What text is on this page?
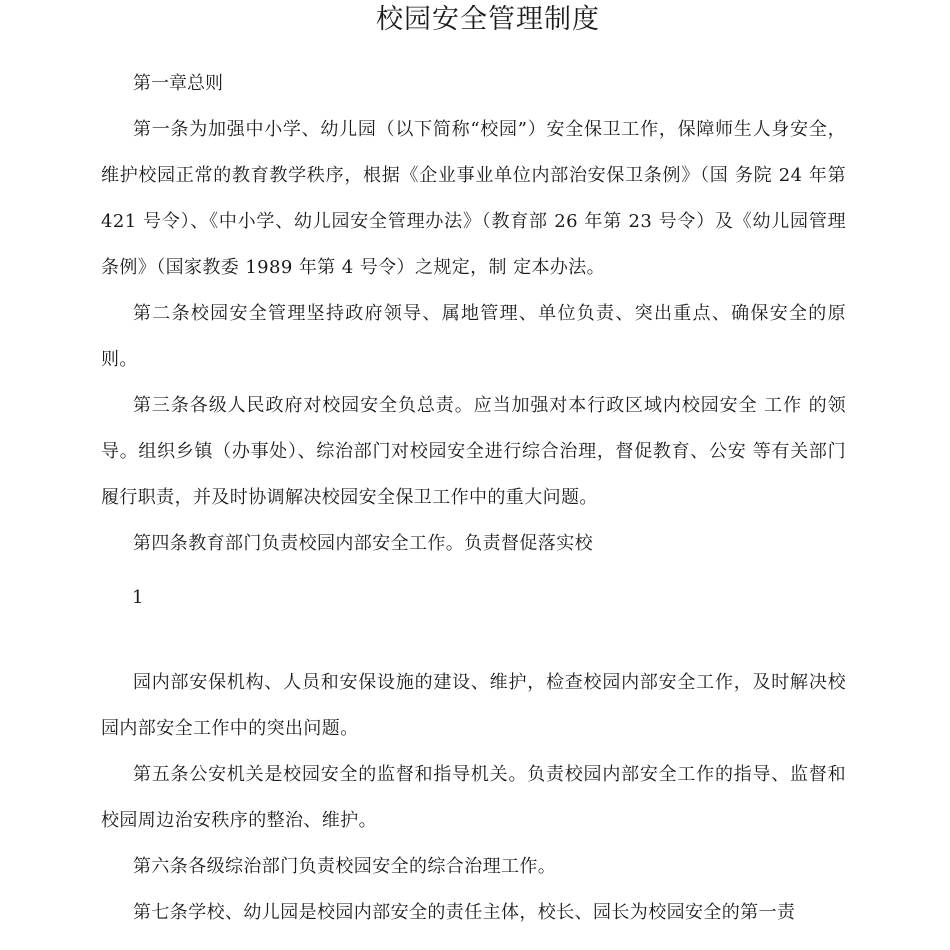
校园安全管理制度

第一章总则

第一条为加强中小学、幼儿园（以下简称“校园”）安全保卫工作，保障师生人身安全，维护校园正常的教育教学秩序，根据《企业事业单位内部治安保卫条例》（国 务院 24 年第 421 号令）、《中小学、幼儿园安全管理办法》（教育部 26 年第 23 号令）及《幼儿园管理条例》（国家教委 1989 年第 4 号令）之规定，制 定本办法。

第二条校园安全管理坚持政府领导、属地管理、单位负责、突出重点、确保安全的原则。

第三条各级人民政府对校园安全负总责。应当加强对本行政区域内校园安全 工作 的领导。组织乡镇（办事处）、综治部门对校园安全进行综合治理，督促教育、公安 等有关部门履行职责，并及时协调解决校园安全保卫工作中的重大问题。

第四条教育部门负责校园内部安全工作。负责督促落实校

1

园内部安保机构、人员和安保设施的建设、维护，检查校园内部安全工作，及时解决校园内部安全工作中的突出问题。

第五条公安机关是校园安全的监督和指导机关。负责校园内部安全工作的指导、监督和校园周边治安秩序的整治、维护。

第六条各级综治部门负责校园安全的综合治理工作。

第七条学校、幼儿园是校园内部安全的责任主体，校长、园长为校园安全的第一责
